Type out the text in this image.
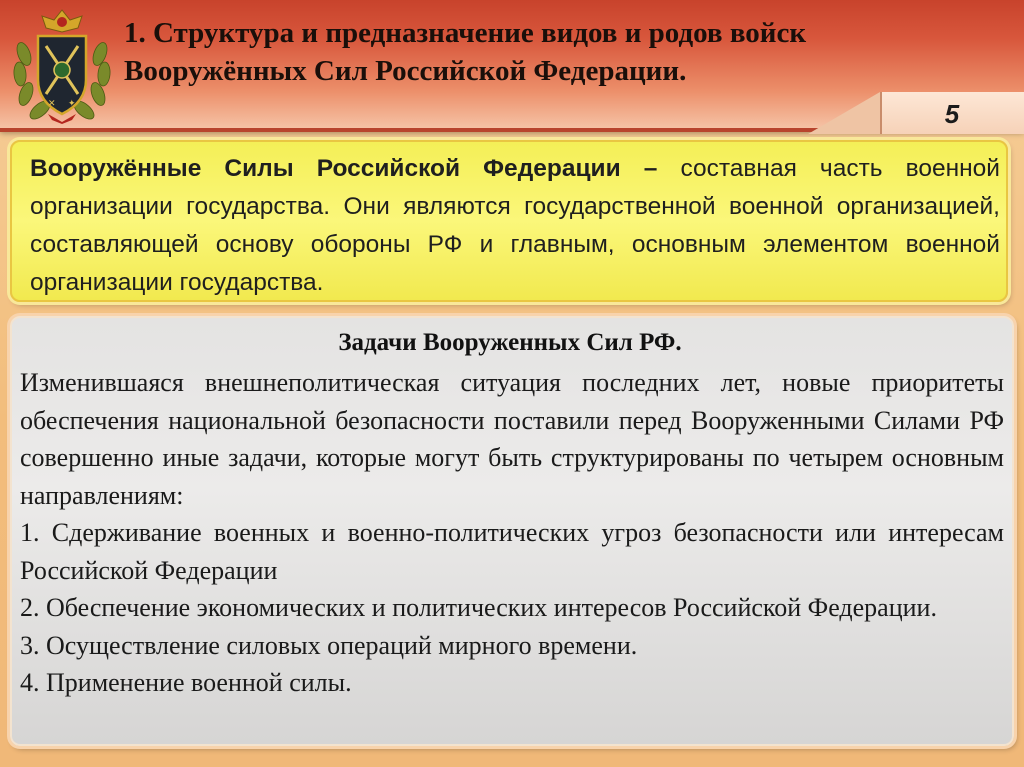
✕ ✦
1. Структура и предназначение видов и родов войск
Вооружённых Сил Российской Федерации.
5

Вооружённые Силы Российской Федерации – составная часть военной организации государства. Они являются государственной военной организацией, составляющей основу обороны РФ и главным, основным элементом военной организации государства.

Задачи Вооруженных Сил РФ.

Изменившаяся внешнеполитическая ситуация последних лет, новые приоритеты обеспечения национальной безопасности поставили перед Вооруженными Силами РФ совершенно иные задачи, которые могут быть структурированы по четырем основным направлениям:

1. Сдерживание военных и военно-политических угроз безопасности или интересам Российской Федерации

2. Обеспечение экономических и политических интересов Российской Федерации.

3. Осуществление силовых операций мирного времени.

4. Применение военной силы.
